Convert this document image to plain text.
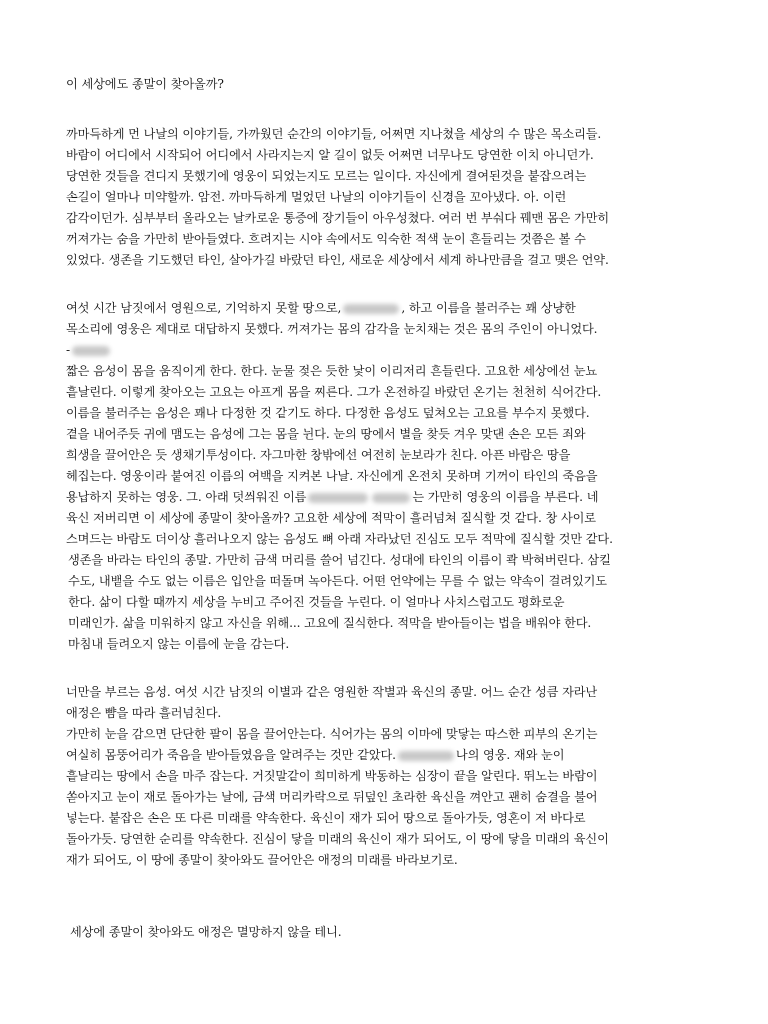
이 세상에도 종말이 찾아올까?
까마득하게 먼 나날의 이야기들, 가까웠던 순간의 이야기들, 어쩌면 지나쳤을 세상의 수 많은 목소리들.
바람이 어디에서 시작되어 어디에서 사라지는지 알 길이 없듯 어쩌면 너무나도 당연한 이치 아니던가.
당연한 것들을 견디지 못했기에 영웅이 되었는지도 모르는 일이다. 자신에게 결여된것을 붙잡으려는
손길이 얼마나 미약할까. 암전. 까마득하게 멀었던 나날의 이야기들이 신경을 꼬아냈다. 아. 이런
감각이던가. 심부부터 올라오는 날카로운 통증에 장기들이 아우성쳤다. 여러 번 부숴다 꿰맨 몸은 가만히
꺼져가는 숨을 가만히 받아들였다. 흐려지는 시야 속에서도 익숙한 적색 눈이 흔들리는 것쯤은 볼 수
있었다. 생존을 기도했던 타인, 살아가길 바랐던 타인, 새로운 세상에서 세계 하나만큼을 걸고 맺은 언약.
여섯 시간 남짓에서 영원으로, 기억하지 못할 땅으로,	, 하고 이름을 불러주는 꽤 상냥한
목소리에 영웅은 제대로 대답하지 못했다. 꺼져가는 몸의 감각을 눈치채는 것은 몸의 주인이 아니었다.
-
짧은 음성이 몸을 움직이게 한다. 한다. 눈물 젖은 듯한 낯이 이리저리 흔들린다. 고요한 세상에선 눈뇨
흩날린다. 이렇게 찾아오는 고요는 아프게 몸을 찌른다. 그가 온전하길 바랐던 온기는 천천히 식어간다.
이름을 불러주는 음성은 꽤나 다정한 것 같기도 하다. 다정한 음성도 덮쳐오는 고요를 부수지 못했다.
곁을 내어주듯 귀에 맴도는 음성에 그는 몸을 뉜다. 눈의 땅에서 별을 찾듯 겨우 맞댄 손은 모든 죄와
희생을 끌어안은 듯 생채기투성이다. 자그마한 창밖에선 여전히 눈보라가 친다. 아픈 바람은 땅을
헤집는다. 영웅이라 붙여진 이름의 여백을 지켜본 나날. 자신에게 온전치 못하며 기꺼이 타인의 죽음을
용납하지 못하는 영웅. 그. 아래 덧씌워진 이름	는 가만히 영웅의 이름을 부른다. 네
육신 저버리면 이 세상에 종말이 찾아올까? 고요한 세상에 적막이 흘러넘쳐 질식할 것 같다. 창 사이로
스며드는 바람도 더이상 흘러나오지 않는 음성도 뼈 아래 자라났던 진심도 모두 적막에 질식할 것만 같다.
생존을 바라는 타인의 종말. 가만히 금색 머리를 쓸어 넘긴다. 성대에 타인의 이름이 콱 박혀버린다. 삼킬
수도, 내뱉을 수도 없는 이름은 입안을 떠돌며 녹아든다. 어떤 언약에는 무를 수 없는 약속이 걸려있기도
한다. 삶이 다할 때까지 세상을 누비고 주어진 것들을 누린다. 이 얼마나 사치스럽고도 평화로운
미래인가. 삶을 미워하지 않고 자신을 위해... 고요에 질식한다. 적막을 받아들이는 법을 배워야 한다.
마침내 들려오지 않는 이름에 눈을 감는다.
너만을 부르는 음성. 여섯 시간 남짓의 이별과 같은 영원한 작별과 육신의 종말. 어느 순간 성큼 자라난
애정은 뺨을 따라 흘러넘친다.
가만히 눈을 감으면 단단한 팔이 몸을 끌어안는다. 식어가는 몸의 이마에 맞닿는 따스한 피부의 온기는
여실히 몸뚱어리가 죽음을 받아들였음을 알려주는 것만 같았다.	나의 영웅. 재와 눈이
흩날리는 땅에서 손을 마주 잡는다. 거짓말같이 희미하게 박동하는 심장이 끝을 알린다. 뛰노는 바람이
쏟아지고 눈이 재로 돌아가는 날에, 금색 머리카락으로 뒤덮인 초라한 육신을 껴안고 괜히 숨결을 불어
넣는다. 붙잡은 손은 또 다른 미래를 약속한다. 육신이 재가 되어 땅으로 돌아가듯, 영혼이 저 바다로
돌아가듯. 당연한 순리를 약속한다. 진심이 닿을 미래의 육신이 재가 되어도, 이 땅에 닿을 미래의 육신이
재가 되어도, 이 땅에 종말이 찾아와도 끌어안은 애정의 미래를 바라보기로.
세상에 종말이 찾아와도 애정은 멸망하지 않을 테니.
